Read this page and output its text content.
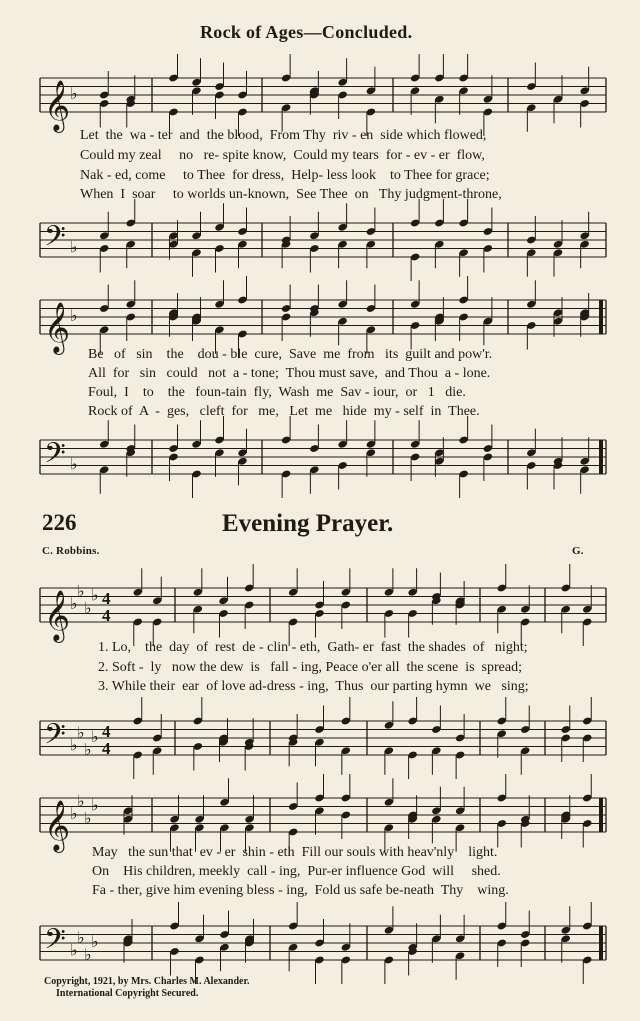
Rock of Ages—Concluded.
𝄞 ♭
Let  the  wa - ter  and  the blood,  From Thy  riv - en  side which flowed,
Could my zeal     no   re- spite know,  Could my tears  for - ev - er  flow,
Nak - ed, come     to Thee  for dress,  Help- less look    to Thee for grace;
When  I  soar     to worlds un-known,  See Thee  on   Thy judgment-throne,
𝄢 ♭
𝄞 ♭
Be   of   sin    the    dou - ble  cure,  Save  me  from   its  guilt and pow'r.
All  for   sin   could   not  a - tone;  Thou must save,  and Thou  a - lone.
Foul,  I    to    the   foun-tain  fly,  Wash  me  Sav - iour,  or   1   die.
Rock of  A  -  ges,   cleft  for   me,   Let  me   hide  my - self  in  Thee.
𝄢 ♭
226	Evening Prayer.
C. Robbins.	G.
𝄞 ♭
♭
♭
♭ 4
4
1. Lo,    the  day  of  rest  de - clin - eth,  Gath- er  fast  the shades  of   night;
2. Soft -  ly   now the dew  is   fall - ing, Peace o'er all  the scene  is  spread;
3. While their  ear  of love ad-dress - ing,  Thus  our parting hymn  we   sing;
𝄢 ♭
♭
♭
♭ 4
4
𝄞 ♭
♭
♭
♭
May   the sun that  ev - er  shin - eth  Fill our souls with heav'nly    light.
On    His children, meekly  call - ing,  Pur-er influence God  will     shed.
Fa - ther, give him evening bless - ing,  Fold us safe be-neath  Thy    wing.
𝄢 ♭
♭
♭
♭
Copyright, 1921, by Mrs. Charles M. Alexander.
International Copyright Secured.
